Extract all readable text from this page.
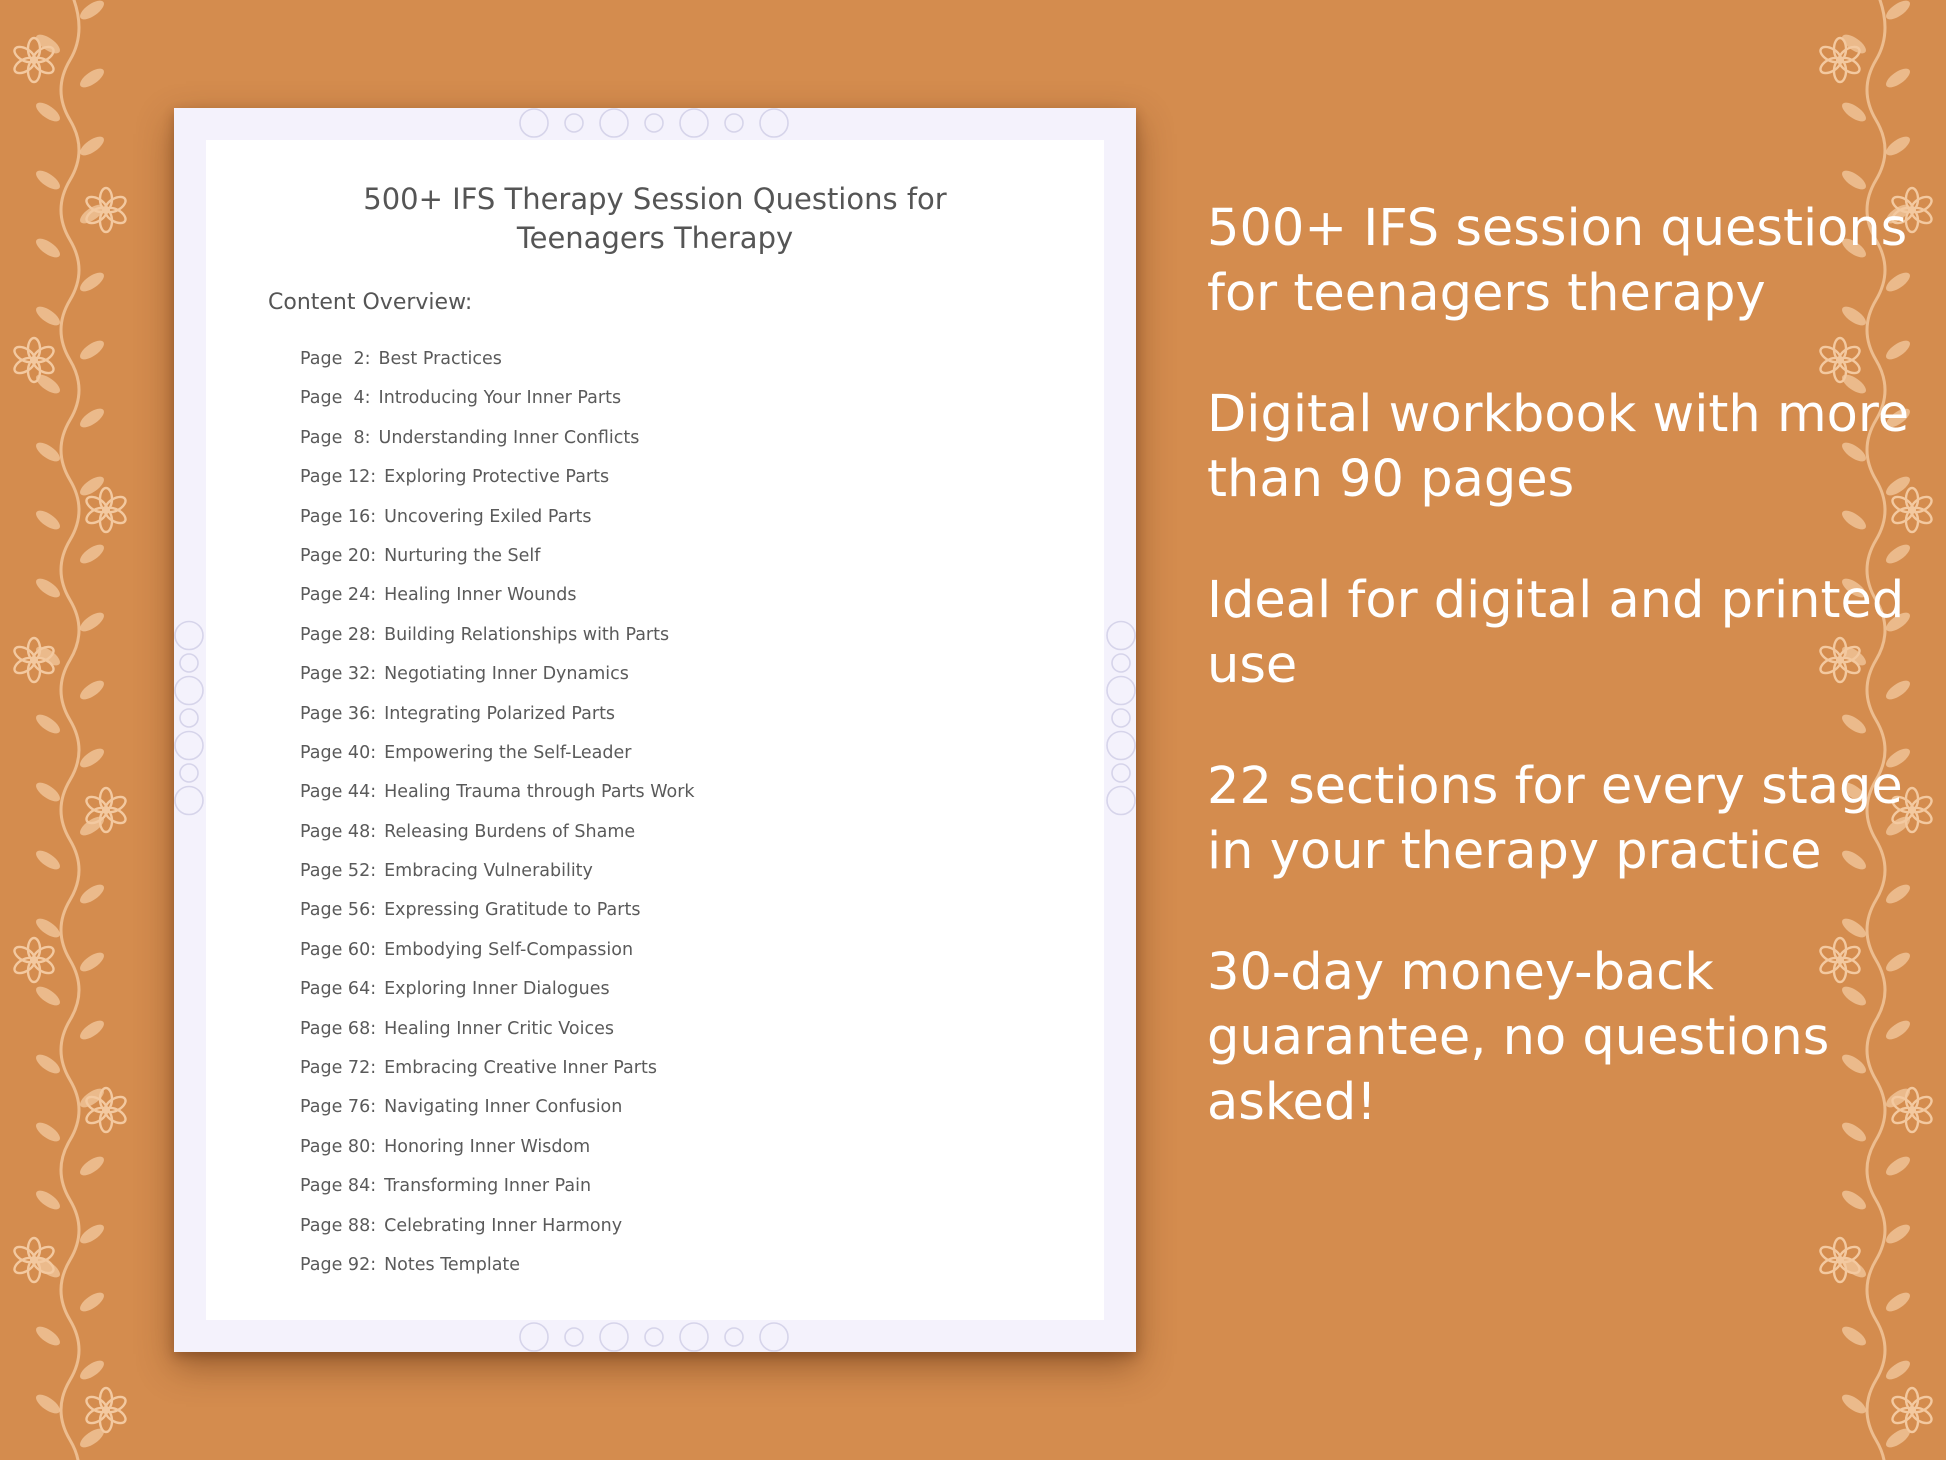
500+ IFS Therapy Session Questions for
Teenagers Therapy
Content Overview:
Page  2: Best Practices
Page  4: Introducing Your Inner Parts
Page  8: Understanding Inner Conflicts
Page 12: Exploring Protective Parts
Page 16: Uncovering Exiled Parts
Page 20: Nurturing the Self
Page 24: Healing Inner Wounds
Page 28: Building Relationships with Parts
Page 32: Negotiating Inner Dynamics
Page 36: Integrating Polarized Parts
Page 40: Empowering the Self-Leader
Page 44: Healing Trauma through Parts Work
Page 48: Releasing Burdens of Shame
Page 52: Embracing Vulnerability
Page 56: Expressing Gratitude to Parts
Page 60: Embodying Self-Compassion
Page 64: Exploring Inner Dialogues
Page 68: Healing Inner Critic Voices
Page 72: Embracing Creative Inner Parts
Page 76: Navigating Inner Confusion
Page 80: Honoring Inner Wisdom
Page 84: Transforming Inner Pain
Page 88: Celebrating Inner Harmony
Page 92: Notes Template

500+ IFS session questions for teenagers therapy

Digital workbook with more than 90 pages

Ideal for digital and printed use

22 sections for every stage in your therapy practice

30-day money-back guarantee, no questions asked!
